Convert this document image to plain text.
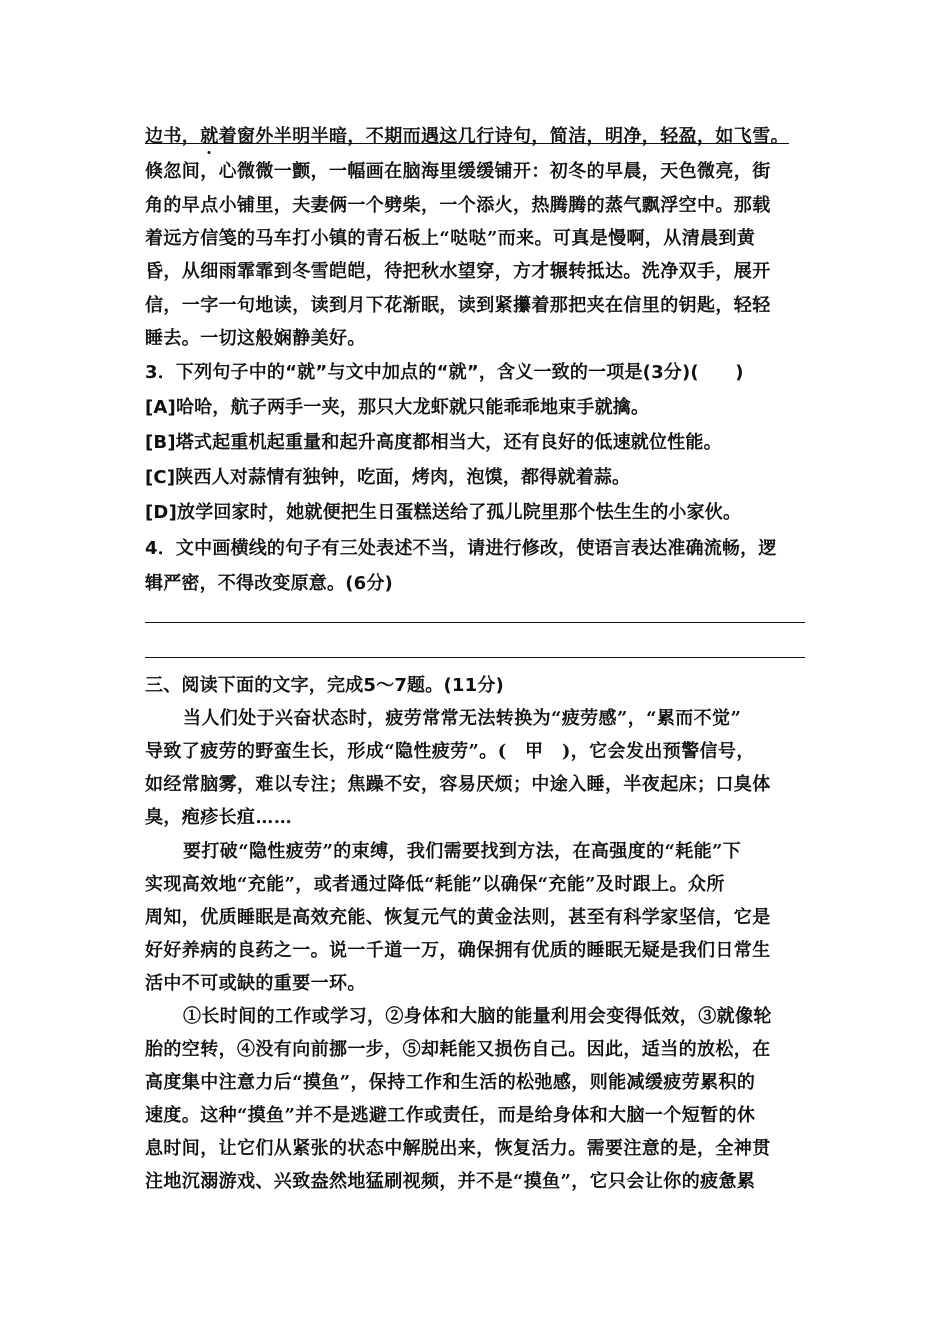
边书，就着窗外半明半暗，不期而遇这几行诗句，简洁，明净，轻盈，如飞雪。
倏忽间，心微微一颤，一幅画在脑海里缓缓铺开：初冬的早晨，天色微亮，街
角的早点小铺里，夫妻俩一个劈柴，一个添火，热腾腾的蒸气飘浮空中。那载
着远方信笺的马车打小镇的青石板上“哒哒”而来。可真是慢啊，从清晨到黄
昏，从细雨霏霏到冬雪皑皑，待把秋水望穿，方才辗转抵达。洗净双手，展开
信，一字一句地读，读到月下花渐眠，读到紧攥着那把夹在信里的钥匙，轻轻
睡去。一切这般娴静美好。
3．下列句子中的“就”与文中加点的“就”，含义一致的一项是(3分)(　　)
[A]哈哈，航子两手一夹，那只大龙虾就只能乖乖地束手就擒。
[B]塔式起重机起重量和起升高度都相当大，还有良好的低速就位性能。
[C]陕西人对蒜情有独钟，吃面，烤肉，泡馍，都得就着蒜。
[D]放学回家时，她就便把生日蛋糕送给了孤儿院里那个怯生生的小家伙。
4．文中画横线的句子有三处表述不当，请进行修改，使语言表达准确流畅，逻
辑严密，不得改变原意。(6分)
三、阅读下面的文字，完成5～7题。(11分)
当人们处于兴奋状态时，疲劳常常无法转换为“疲劳感”，“累而不觉”
导致了疲劳的野蛮生长，形成“隐性疲劳”。(　甲　)，它会发出预警信号，
如经常脑雾，难以专注；焦躁不安，容易厌烦；中途入睡，半夜起床；口臭体
臭，疱疹长疽……
要打破“隐性疲劳”的束缚，我们需要找到方法，在高强度的“耗能”下
实现高效地“充能”，或者通过降低“耗能”以确保“充能”及时跟上。众所
周知，优质睡眠是高效充能、恢复元气的黄金法则，甚至有科学家坚信，它是
好好养病的良药之一。说一千道一万，确保拥有优质的睡眠无疑是我们日常生
活中不可或缺的重要一环。
①长时间的工作或学习，②身体和大脑的能量利用会变得低效，③就像轮
胎的空转，④没有向前挪一步，⑤却耗能又损伤自己。因此，适当的放松，在
高度集中注意力后“摸鱼”，保持工作和生活的松弛感，则能减缓疲劳累积的
速度。这种“摸鱼”并不是逃避工作或责任，而是给身体和大脑一个短暂的休
息时间，让它们从紧张的状态中解脱出来，恢复活力。需要注意的是，全神贯
注地沉溺游戏、兴致盎然地猛刷视频，并不是“摸鱼”，它只会让你的疲惫累
